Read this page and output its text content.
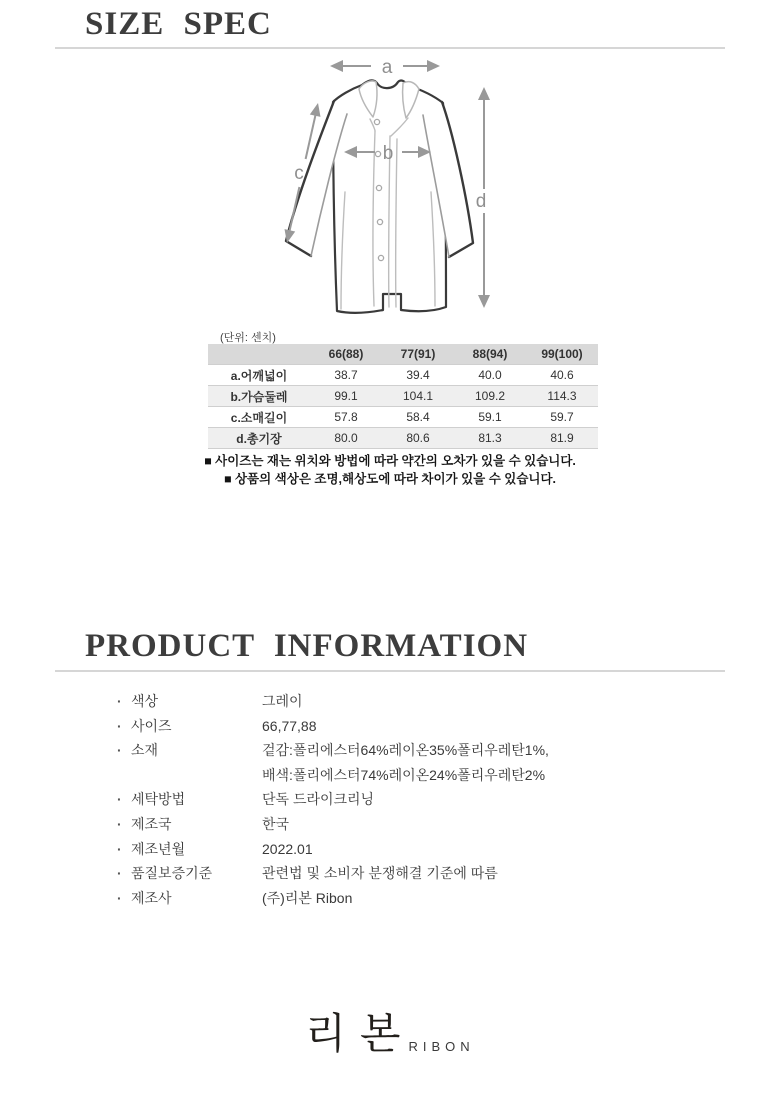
SIZE SPEC
a
b
c
d
(단위: 센치)
	66(88)	77(91)	88(94)	99(100)
a.어깨넓이	38.7	39.4	40.0	40.6
b.가슴둘레	99.1	104.1	109.2	114.3
c.소매길이	57.8	58.4	59.1	59.7
d.총기장	80.0	80.6	81.3	81.9
■ 사이즈는 재는 위치와 방법에 따라 약간의 오차가 있을 수 있습니다.
■ 상품의 색상은 조명,해상도에 따라 차이가 있을 수 있습니다.
PRODUCT INFORMATION
· 색상	그레이
· 사이즈	66,77,88
· 소재	겉감:폴리에스터64%레이온35%폴리우레탄1%,
배색:폴리에스터74%레이온24%폴리우레탄2%
· 세탁방법	단독 드라이크리닝
· 제조국	한국
· 제조년월	2022.01
· 품질보증기준	관련법 및 소비자 분쟁해결 기준에 따름
· 제조사	(주)리본 Ribon
리본
RIBON
